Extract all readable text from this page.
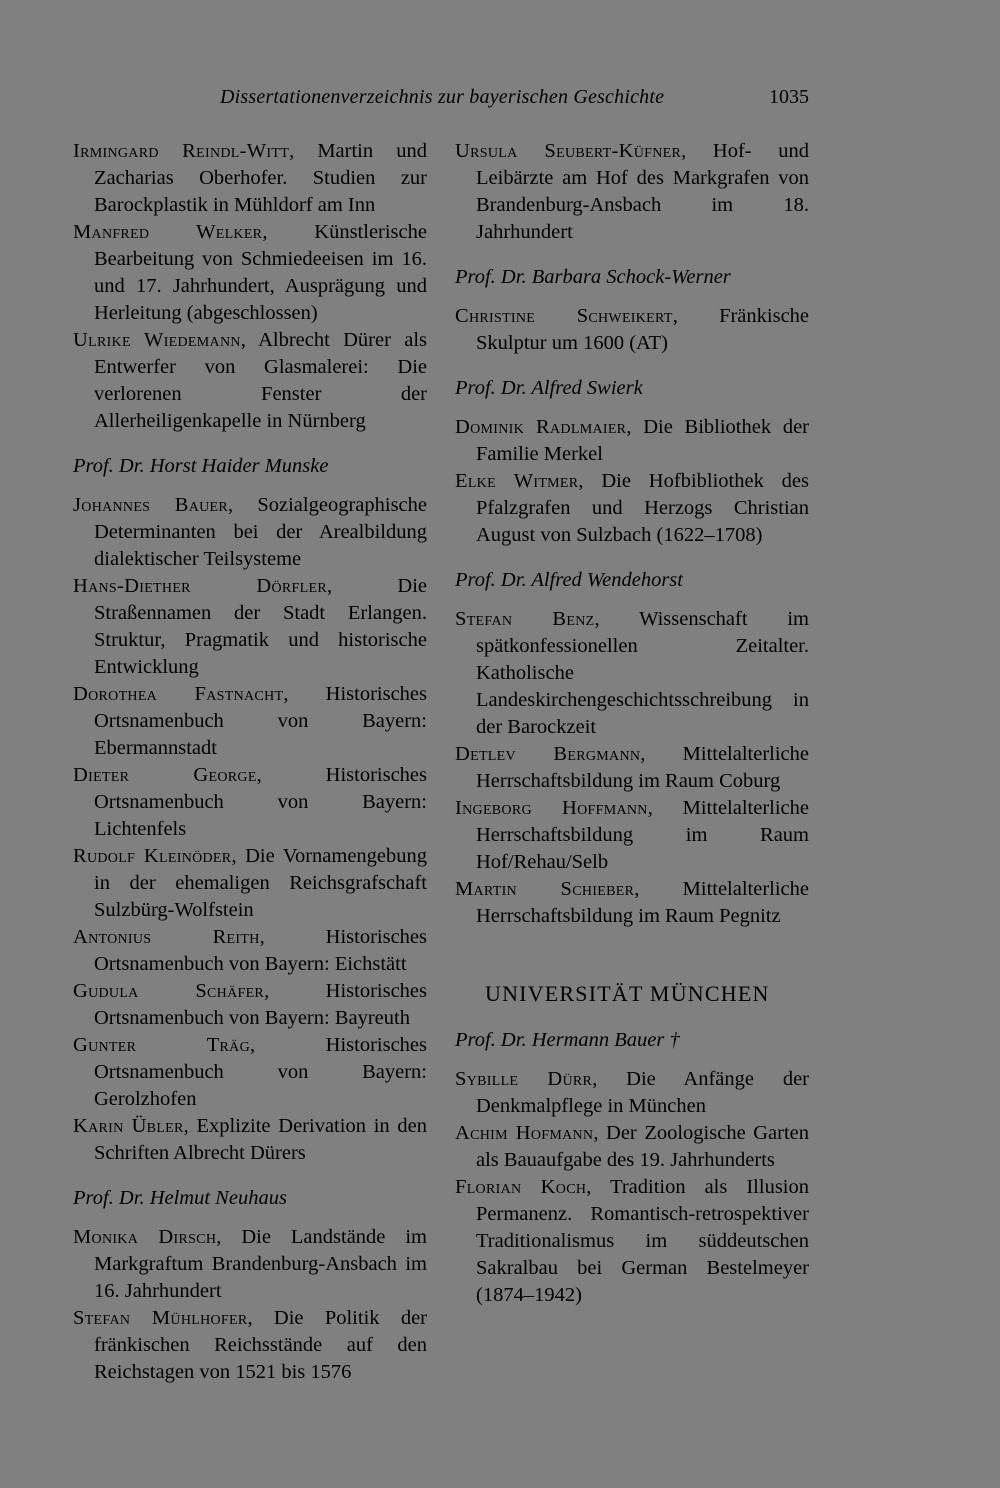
Dissertationenverzeichnis zur bayerischen Geschichte	1035

Irmingard Reindl-Witt, Martin und Zacharias Oberhofer. Studien zur Barockplastik in Mühldorf am Inn

Manfred Welker, Künstlerische Bearbeitung von Schmiedeeisen im 16. und 17. Jahrhundert, Ausprägung und Herleitung (abgeschlossen)

Ulrike Wiedemann, Albrecht Dürer als Entwerfer von Glasmalerei: Die verlorenen Fenster der Allerheiligenkapelle in Nürnberg

Prof. Dr. Horst Haider Munske

Johannes Bauer, Sozialgeographische Determinanten bei der Arealbildung dialektischer Teilsysteme

Hans-Diether Dörfler, Die Straßennamen der Stadt Erlangen. Struktur, Pragmatik und historische Entwicklung

Dorothea Fastnacht, Historisches Ortsnamenbuch von Bayern: Ebermannstadt

Dieter George, Historisches Ortsnamenbuch von Bayern: Lichtenfels

Rudolf Kleinöder, Die Vornamengebung in der ehemaligen Reichsgrafschaft Sulzbürg-Wolfstein

Antonius Reith, Historisches Ortsnamenbuch von Bayern: Eichstätt

Gudula Schäfer, Historisches Ortsnamenbuch von Bayern: Bayreuth

Gunter Träg, Historisches Ortsnamenbuch von Bayern: Gerolzhofen

Karin Übler, Explizite Derivation in den Schriften Albrecht Dürers

Prof. Dr. Helmut Neuhaus

Monika Dirsch, Die Landstände im Markgraftum Brandenburg-Ansbach im 16. Jahrhundert

Stefan Mühlhofer, Die Politik der fränkischen Reichsstände auf den Reichstagen von 1521 bis 1576

Ursula Seubert-Küfner, Hof- und Leibärzte am Hof des Markgrafen von Brandenburg-Ansbach im 18. Jahrhundert

Prof. Dr. Barbara Schock-Werner

Christine Schweikert, Fränkische Skulptur um 1600 (AT)

Prof. Dr. Alfred Swierk

Dominik Radlmaier, Die Bibliothek der Familie Merkel

Elke Witmer, Die Hofbibliothek des Pfalzgrafen und Herzogs Christian August von Sulzbach (1622–1708)

Prof. Dr. Alfred Wendehorst

Stefan Benz, Wissenschaft im spätkonfessionellen Zeitalter. Katholische Landeskirchengeschichtsschreibung in der Barockzeit

Detlev Bergmann, Mittelalterliche Herrschaftsbildung im Raum Coburg

Ingeborg Hoffmann, Mittelalterliche Herrschaftsbildung im Raum Hof/Rehau/Selb

Martin Schieber, Mittelalterliche Herrschaftsbildung im Raum Pegnitz

UNIVERSITÄT MÜNCHEN

Prof. Dr. Hermann Bauer †

Sybille Dürr, Die Anfänge der Denkmalpflege in München

Achim Hofmann, Der Zoologische Garten als Bauaufgabe des 19. Jahrhunderts

Florian Koch, Tradition als Illusion Permanenz. Romantisch-retrospektiver Traditionalismus im süddeutschen Sakralbau bei German Bestelmeyer (1874–1942)
